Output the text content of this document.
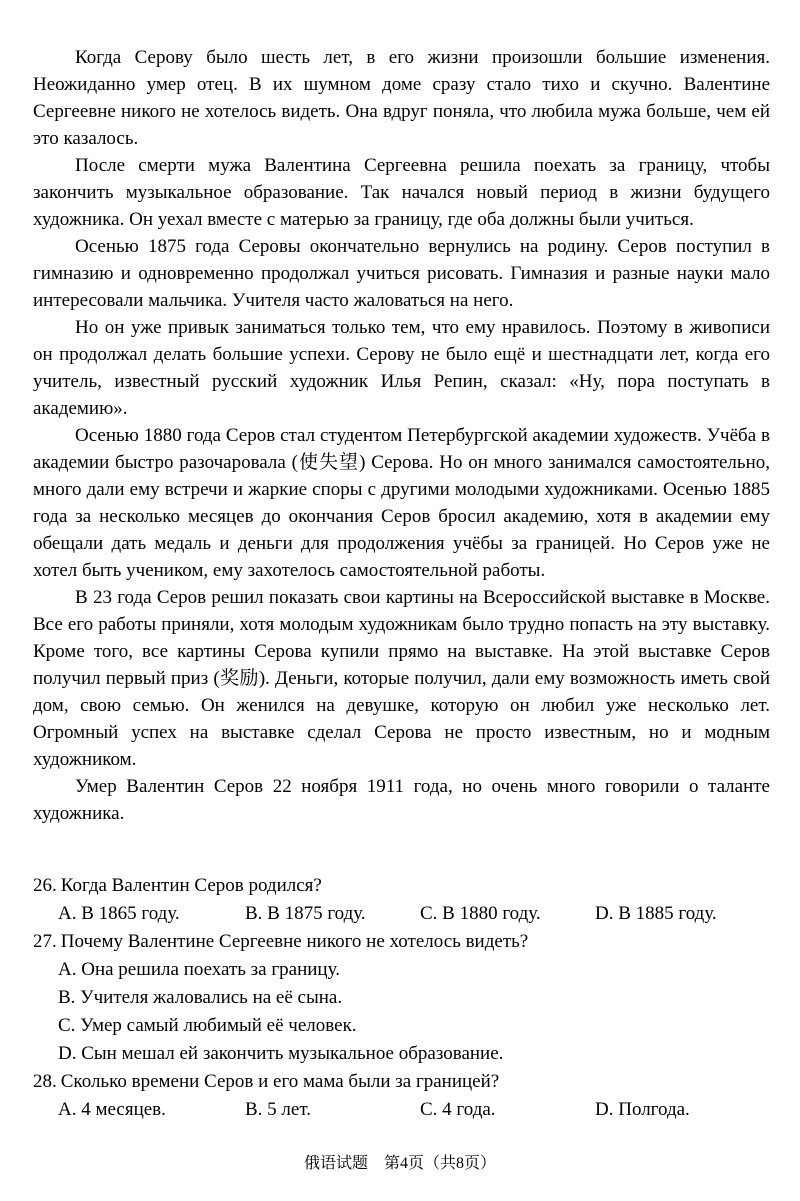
Когда Серову было шесть лет, в его жизни произошли большие изменения. Неожиданно умер отец. В их шумном доме сразу стало тихо и скучно. Валентине Сергеевне никого не хотелось видеть. Она вдруг поняла, что любила мужа больше, чем ей это казалось.

После смерти мужа Валентина Сергеевна решила поехать за границу, чтобы закончить музыкальное образование. Так начался новый период в жизни будущего художника. Он уехал вместе с матерью за границу, где оба должны были учиться.

Осенью 1875 года Серовы окончательно вернулись на родину. Серов поступил в гимназию и одновременно продолжал учиться рисовать. Гимназия и разные науки мало интересовали мальчика. Учителя часто жаловаться на него.

Но он уже привык заниматься только тем, что ему нравилось. Поэтому в живописи он продолжал делать большие успехи. Серову не было ещё и шестнадцати лет, когда его учитель, известный русский художник Илья Репин, сказал: «Ну, пора поступать в академию».

Осенью 1880 года Серов стал студентом Петербургской академии художеств. Учёба в академии быстро разочаровала (使失望) Серова. Но он много занимался самостоятельно, много дали ему встречи и жаркие споры с другими молодыми художниками. Осенью 1885 года за несколько месяцев до окончания Серов бросил академию, хотя в академии ему обещали дать медаль и деньги для продолжения учёбы за границей. Но Серов уже не хотел быть учеником, ему захотелось самостоятельной работы.

В 23 года Серов решил показать свои картины на Всероссийской выставке в Москве. Все его работы приняли, хотя молодым художникам было трудно попасть на эту выставку. Кроме того, все картины Серова купили прямо на выставке. На этой выставке Серов получил первый приз (奖励). Деньги, которые получил, дали ему возможность иметь свой дом, свою семью. Он женился на девушке, которую он любил уже несколько лет. Огромный успех на выставке сделал Серова не просто известным, но и модным художником.

Умер Валентин Серов 22 ноября 1911 года, но очень много говорили о таланте художника.

26. Когда Валентин Серов родился?
A. В 1865 году.	B. В 1875 году.	C. В 1880 году.	D. В 1885 году.
27. Почему Валентине Сергеевне никого не хотелось видеть?
A. Она решила поехать за границу.
B. Учителя жаловались на её сына.
C. Умер самый любимый её человек.
D. Сын мешал ей закончить музыкальное образование.
28. Сколько времени Серов и его мама были за границей?
A. 4 месяцев.	B. 5 лет.	C. 4 года.	D. Полгода.
俄语试题　第4页（共8页）
